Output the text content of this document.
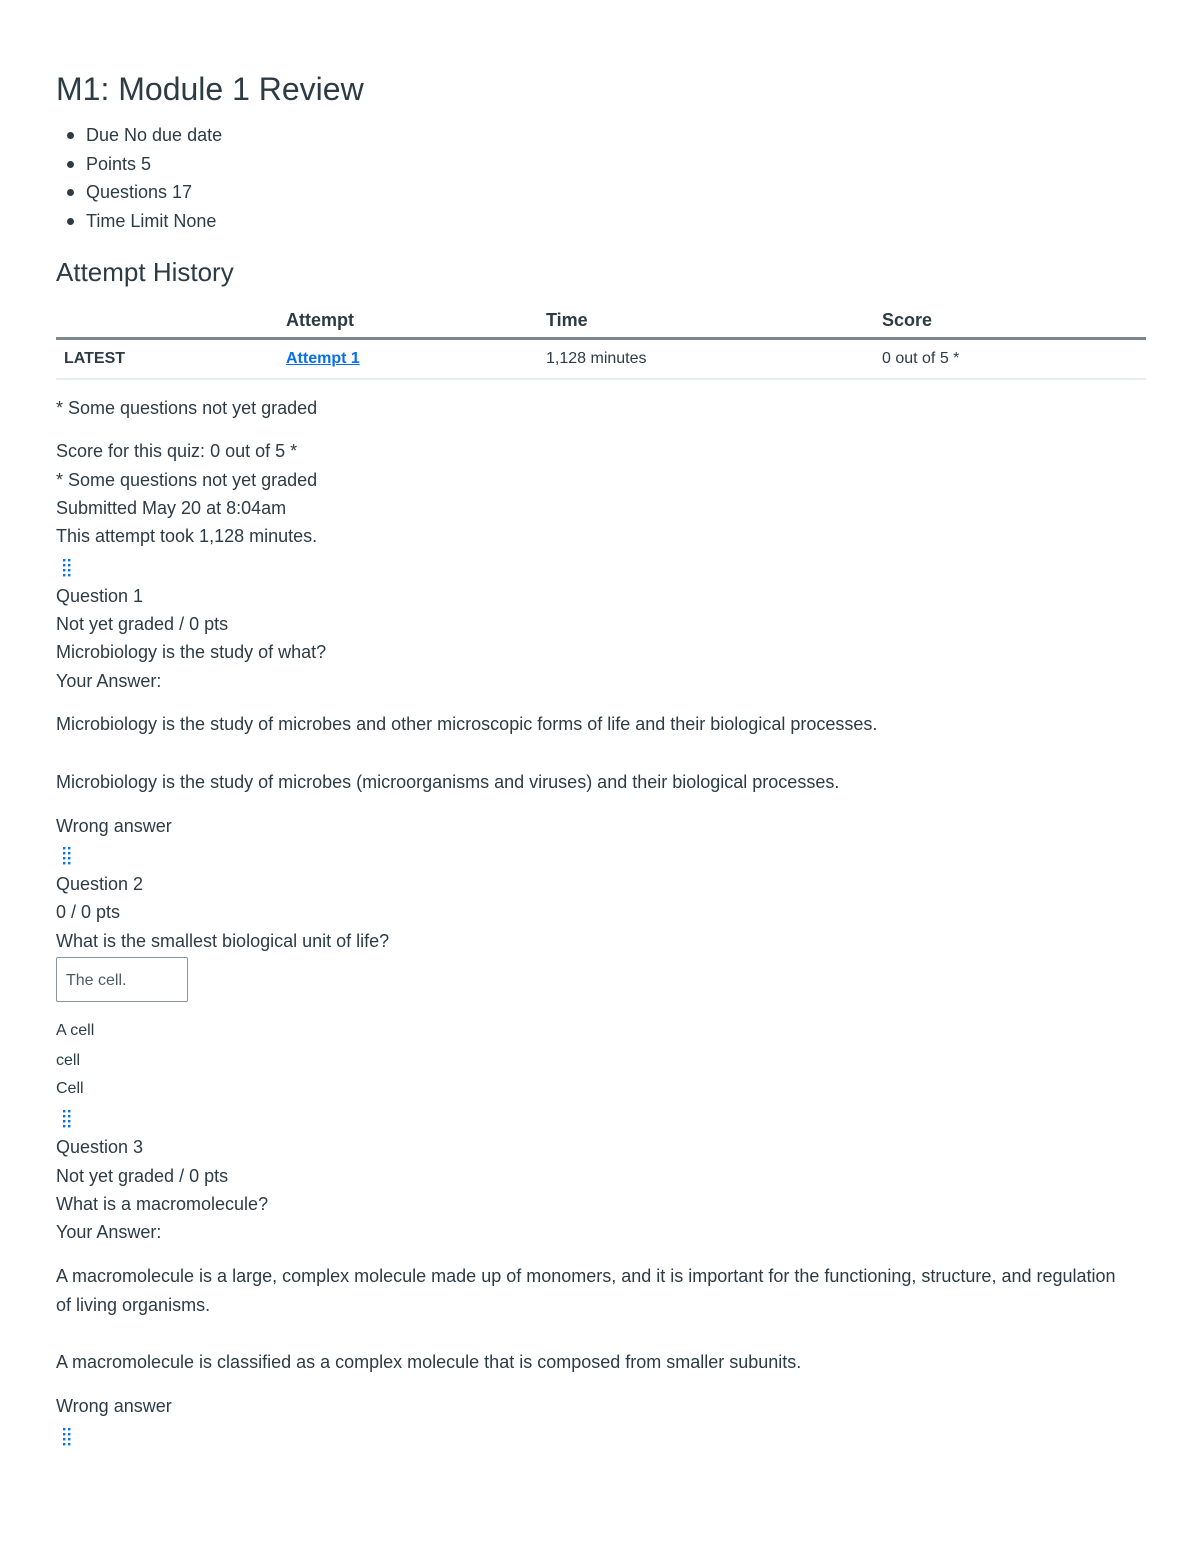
M1: Module 1 Review
Due No due date
Points 5
Questions 17
Time Limit None
Attempt History
	Attempt	Time	Score
LATEST	Attempt 1	1,128 minutes	0 out of 5 *
* Some questions not yet graded
Score for this quiz: 0 out of 5 *
* Some questions not yet graded
Submitted May 20 at 8:04am
This attempt took 1,128 minutes.
Question 1
Not yet graded / 0 pts
Microbiology is the study of what?
Your Answer:
Microbiology is the study of microbes and other microscopic forms of life and their biological processes.
Microbiology is the study of microbes (microorganisms and viruses) and their biological processes.
Wrong answer
Question 2
0 / 0 pts
What is the smallest biological unit of life?
The cell.
A cell
cell
Cell
Question 3
Not yet graded / 0 pts
What is a macromolecule?
Your Answer:
A macromolecule is a large, complex molecule made up of monomers, and it is important for the functioning, structure, and regulation of living organisms.
A macromolecule is classified as a complex molecule that is composed from smaller subunits.
Wrong answer
